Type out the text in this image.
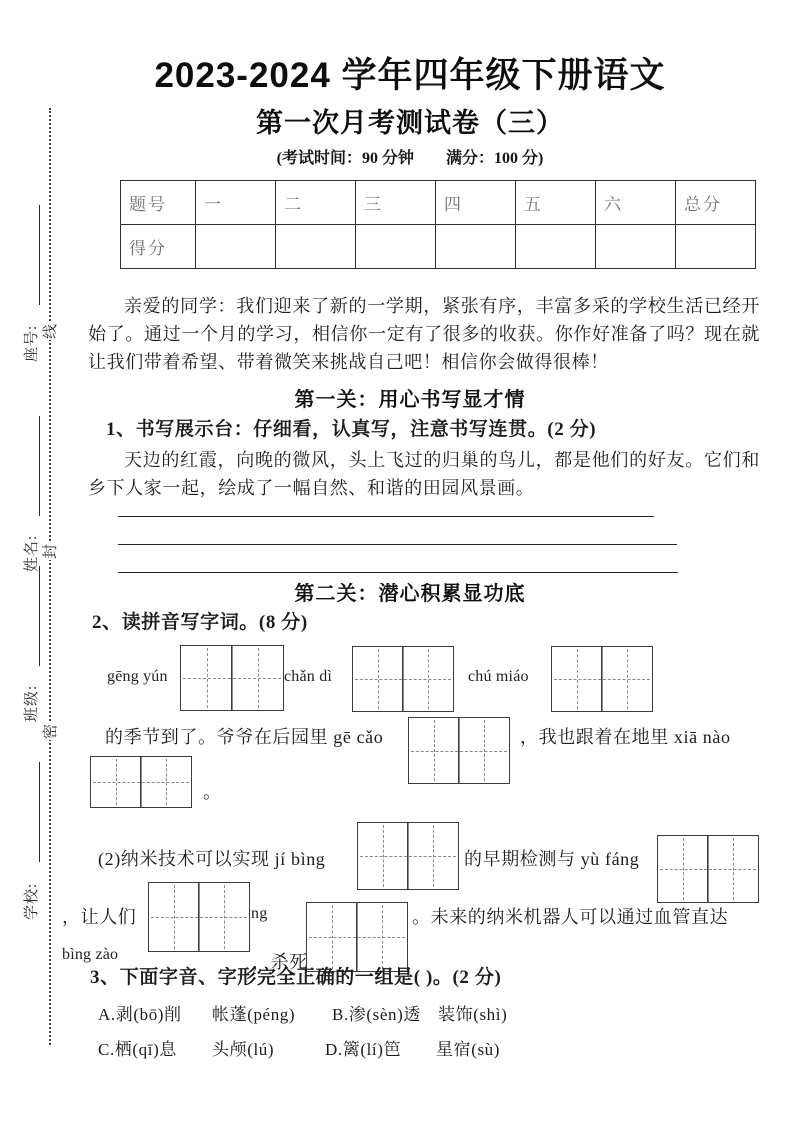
线
封
密
座号:
姓名:
班级:
学校:
2023-2024 学年四年级下册语文
第一次月考测试卷（三）
(考试时间：90 分钟　　满分：100 分)
题号	一	二	三	四	五	六	总分
得分							
亲爱的同学：我们迎来了新的一学期，紧张有序，丰富多采的学校生活已经开始了。通过一个月的学习，相信你一定有了很多的收获。你作好准备了吗？现在就让我们带着希望、带着微笑来挑战自己吧！相信你会做得很棒！
第一关：用心书写显才情
1、书写展示台：仔细看，认真写，注意书写连贯。(2 分)
天边的红霞，向晚的微风，头上飞过的归巢的鸟儿，都是他们的好友。它们和乡下人家一起，绘成了一幅自然、和谐的田园风景画。
第二关：潜心积累显功底
2、读拼音写字词。(8 分)
gēng yún	chǎn dì	chú miáo
的季节到了。爷爷在后园里 gē cǎo	，我也跟着在地里 xiā nào
。
(2)纳米技术可以实现 jí bìng	的早期检测与 yù fáng
，让人们	ng	。未来的纳米机器人可以通过血管直达
bìng zào	，杀死
3、下面字音、字形完全正确的一组是( )。(2 分)
A.剥(bō)削 帐蓬(péng) B.渗(sèn)透 装饰(shì)
C.栖(qī)息 头颅(lú)	D.篱(lí)笆 星宿(sù)
